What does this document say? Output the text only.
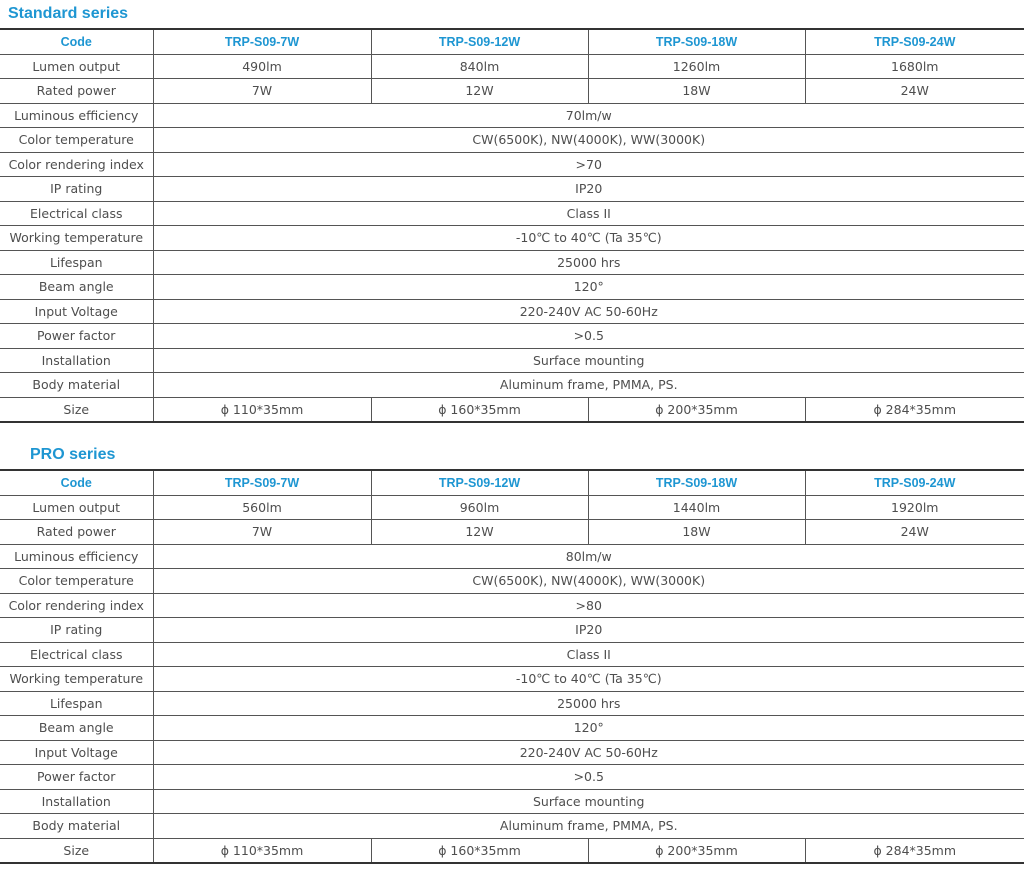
Standard series
Code	TRP-S09-7W	TRP-S09-12W	TRP-S09-18W	TRP-S09-24W
Lumen output	490lm	840lm	1260lm	1680lm
Rated power	7W	12W	18W	24W
Luminous efficiency	70lm/w			
Color temperature	CW(6500K), NW(4000K), WW(3000K)			
Color rendering index	>70			
IP rating	IP20			
Electrical class	Class II			
Working temperature	-10℃ to 40℃ (Ta 35℃)			
Lifespan	25000 hrs			
Beam angle	120°			
Input Voltage	220-240V AC 50-60Hz			
Power factor	>0.5			
Installation	Surface mounting			
Body material	Aluminum frame, PMMA, PS.			
Size	ϕ 110*35mm	ϕ 160*35mm	ϕ 200*35mm	ϕ 284*35mm
PRO series
Code	TRP-S09-7W	TRP-S09-12W	TRP-S09-18W	TRP-S09-24W
Lumen output	560lm	960lm	1440lm	1920lm
Rated power	7W	12W	18W	24W
Luminous efficiency	80lm/w			
Color temperature	CW(6500K), NW(4000K), WW(3000K)			
Color rendering index	>80			
IP rating	IP20			
Electrical class	Class II			
Working temperature	-10℃ to 40℃ (Ta 35℃)			
Lifespan	25000 hrs			
Beam angle	120°			
Input Voltage	220-240V AC 50-60Hz			
Power factor	>0.5			
Installation	Surface mounting			
Body material	Aluminum frame, PMMA, PS.			
Size	ϕ 110*35mm	ϕ 160*35mm	ϕ 200*35mm	ϕ 284*35mm
